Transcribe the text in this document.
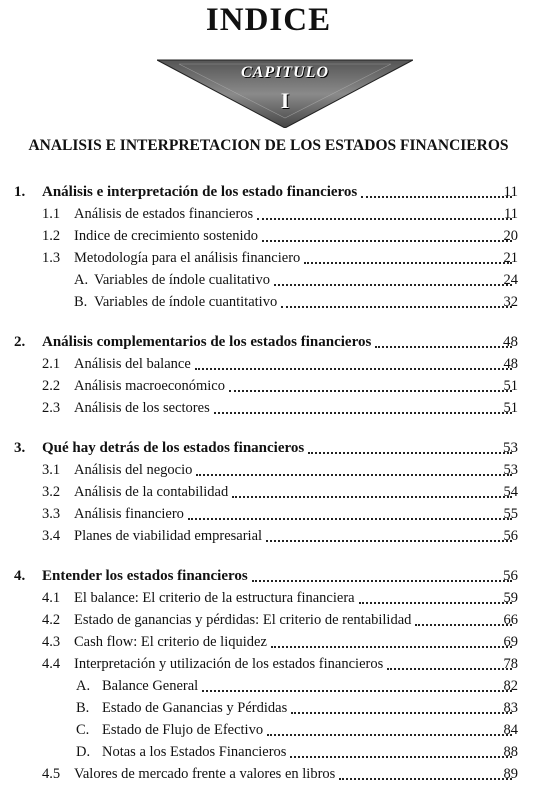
INDICE
CAPITULO
I
ANALISIS E INTERPRETACION DE LOS ESTADOS FINANCIEROS
1. Análisis e interpretación de los estado financieros	11
1.1 Análisis de estados financieros	11
1.2 Indice de crecimiento sostenido	20
1.3 Metodología para el análisis financiero	21
A. Variables de índole cualitativo	24
B. Variables de índole cuantitativo	32
2. Análisis complementarios de los estados financieros	48
2.1 Análisis del balance	48
2.2 Análisis macroeconómico	51
2.3 Análisis de los sectores	51
3. Qué hay detrás de los estados financieros	53
3.1 Análisis del negocio	53
3.2 Análisis de la contabilidad	54
3.3 Análisis financiero	55
3.4 Planes de viabilidad empresarial	56
4. Entender los estados financieros	56
4.1 El balance: El criterio de la estructura financiera	59
4.2 Estado de ganancias y pérdidas: El criterio de rentabilidad	66
4.3 Cash flow: El criterio de liquidez	69
4.4 Interpretación y utilización de los estados financieros	78
A. Balance General	82
B. Estado de Ganancias y Pérdidas	83
C. Estado de Flujo de Efectivo	84
D. Notas a los Estados Financieros	88
4.5 Valores de mercado frente a valores en libros	89
